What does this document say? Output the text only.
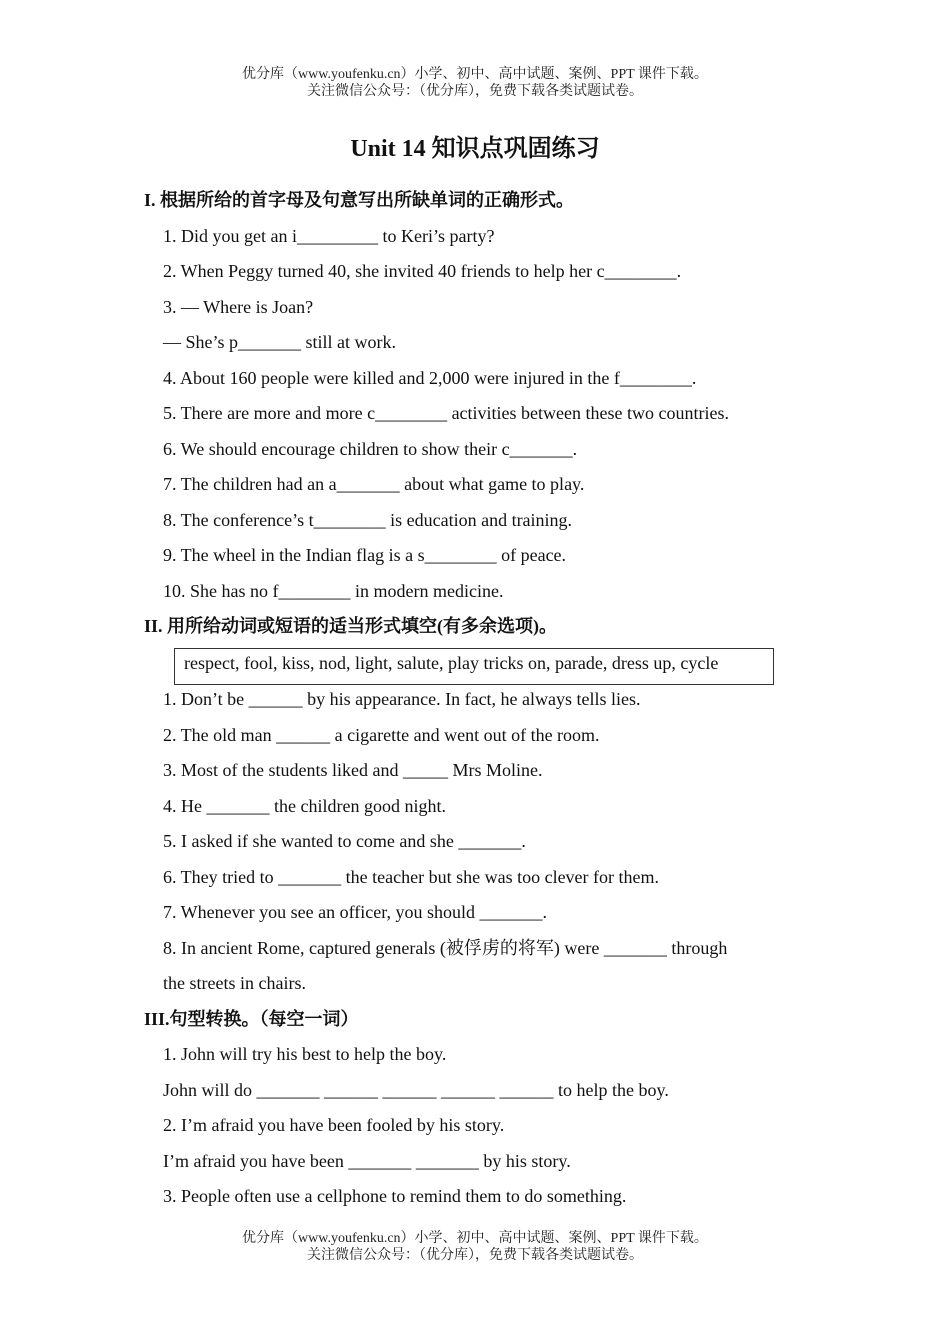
优分库（www.youfenku.cn）小学、初中、高中试题、案例、PPT 课件下载。
关注微信公众号：（优分库），免费下载各类试题试卷。
Unit 14 知识点巩固练习
I. 根据所给的首字母及句意写出所缺单词的正确形式。
1. Did you get an i_________ to Keri’s party?
2. When Peggy turned 40, she invited 40 friends to help her c________.
3. — Where is Joan?
— She’s p_______ still at work.
4. About 160 people were killed and 2,000 were injured in the f________.
5. There are more and more c________ activities between these two countries.
6. We should encourage children to show their c_______.
7. The children had an a_______ about what game to play.
8. The conference’s t________ is education and training.
9. The wheel in the Indian flag is a s________ of peace.
10. She has no f________ in modern medicine.
II. 用所给动词或短语的适当形式填空(有多余选项)。
respect, fool, kiss, nod, light, salute, play tricks on, parade, dress up, cycle
1. Don’t be ______ by his appearance. In fact, he always tells lies.
2. The old man ______ a cigarette and went out of the room.
3. Most of the students liked and _____ Mrs Moline.
4. He _______ the children good night.
5. I asked if she wanted to come and she _______.
6. They tried to _______ the teacher but she was too clever for them.
7. Whenever you see an officer, you should _______.
8. In ancient Rome, captured generals (被俘虏的将军) were _______ through
the streets in chairs.
III.句型转换。（每空一词）
1. John will try his best to help the boy.
John will do _______ ______ ______ ______ ______ to help the boy.
2. I’m afraid you have been fooled by his story.
I’m afraid you have been _______ _______ by his story.
3. People often use a cellphone to remind them to do something.
优分库（www.youfenku.cn）小学、初中、高中试题、案例、PPT 课件下载。
关注微信公众号：（优分库），免费下载各类试题试卷。
